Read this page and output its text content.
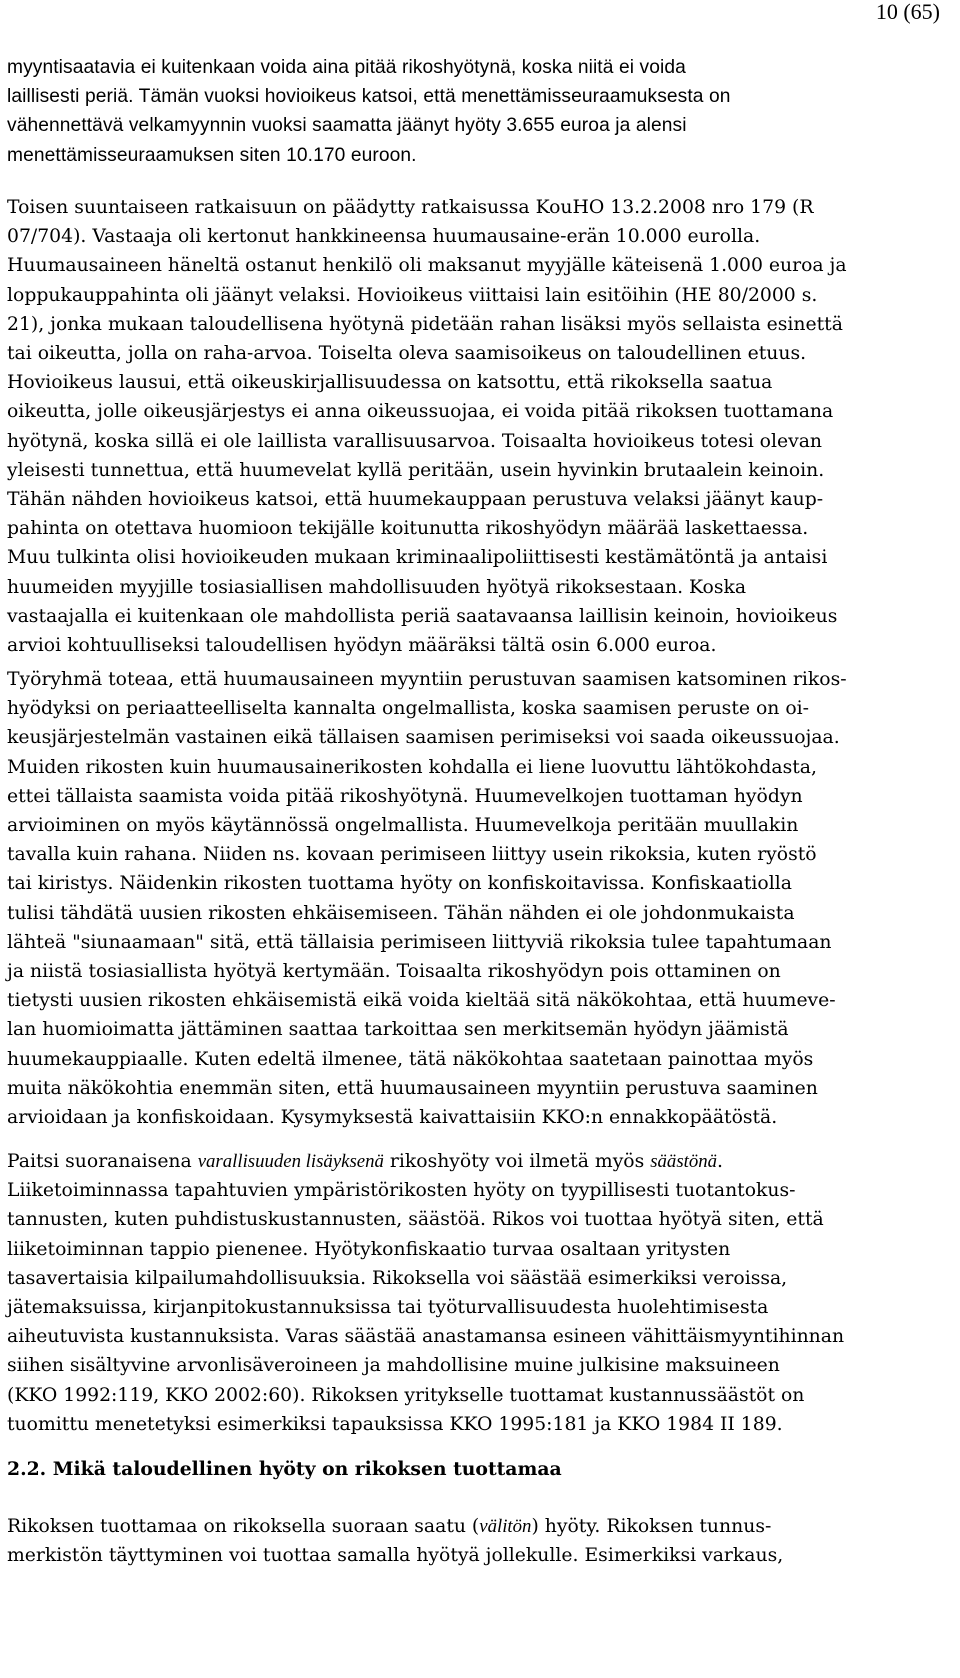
10 (65)
myyntisaatavia ei kuitenkaan voida aina pitää rikoshyötynä, koska niitä ei voida
laillisesti periä. Tämän vuoksi hovioikeus katsoi, että menettämisseuraamuksesta on
vähennettävä velkamyynnin vuoksi saamatta jäänyt hyöty 3.655 euroa ja alensi
menettämisseuraamuksen siten 10.170 euroon.
Toisen suuntaiseen ratkaisuun on päädytty ratkaisussa KouHO 13.2.2008 nro 179 (R
07/704). Vastaaja oli kertonut hankkineensa huumausaine-erän 10.000 eurolla.
Huumausaineen häneltä ostanut henkilö oli maksanut myyjälle käteisenä 1.000 euroa ja
loppukauppahinta oli jäänyt velaksi. Hovioikeus viittaisi lain esitöihin (HE 80/2000 s.
21), jonka mukaan taloudellisena hyötynä pidetään rahan lisäksi myös sellaista esinettä
tai oikeutta, jolla on raha-arvoa. Toiselta oleva saamisoikeus on taloudellinen etuus.
Hovioikeus lausui, että oikeuskirjallisuudessa on katsottu, että rikoksella saatua
oikeutta, jolle oikeusjärjestys ei anna oikeussuojaa, ei voida pitää rikoksen tuottamana
hyötynä, koska sillä ei ole laillista varallisuusarvoa. Toisaalta hovioikeus totesi olevan
yleisesti tunnettua, että huumevelat kyllä peritään, usein hyvinkin brutaalein keinoin.
Tähän nähden hovioikeus katsoi, että huumekauppaan perustuva velaksi jäänyt kaup-
pahinta on otettava huomioon tekijälle koitunutta rikoshyödyn määrää laskettaessa.
Muu tulkinta olisi hovioikeuden mukaan kriminaalipoliittisesti kestämätöntä ja antaisi
huumeiden myyjille tosiasiallisen mahdollisuuden hyötyä rikoksestaan. Koska
vastaajalla ei kuitenkaan ole mahdollista periä saatavaansa laillisin keinoin, hovioikeus
arvioi kohtuulliseksi taloudellisen hyödyn määräksi tältä osin 6.000 euroa.
Työryhmä toteaa, että huumausaineen myyntiin perustuvan saamisen katsominen rikos-
hyödyksi on periaatteelliselta kannalta ongelmallista, koska saamisen peruste on oi-
keusjärjestelmän vastainen eikä tällaisen saamisen perimiseksi voi saada oikeussuojaa.
Muiden rikosten kuin huumausainerikosten kohdalla ei liene luovuttu lähtökohdasta,
ettei tällaista saamista voida pitää rikoshyötynä. Huumevelkojen tuottaman hyödyn
arvioiminen on myös käytännössä ongelmallista. Huumevelkoja peritään muullakin
tavalla kuin rahana. Niiden ns. kovaan perimiseen liittyy usein rikoksia, kuten ryöstö
tai kiristys. Näidenkin rikosten tuottama hyöty on konfiskoitavissa. Konfiskaatiolla
tulisi tähdätä uusien rikosten ehkäisemiseen. Tähän nähden ei ole johdonmukaista
lähteä "siunaamaan" sitä, että tällaisia perimiseen liittyviä rikoksia tulee tapahtumaan
ja niistä tosiasiallista hyötyä kertymään. Toisaalta rikoshyödyn pois ottaminen on
tietysti uusien rikosten ehkäisemistä eikä voida kieltää sitä näkökohtaa, että huumeve-
lan huomioimatta jättäminen saattaa tarkoittaa sen merkitsemän hyödyn jäämistä
huumekauppiaalle. Kuten edeltä ilmenee, tätä näkökohtaa saatetaan painottaa myös
muita näkökohtia enemmän siten, että huumausaineen myyntiin perustuva saaminen
arvioidaan ja konfiskoidaan. Kysymyksestä kaivattaisiin KKO:n ennakkopäätöstä.
Paitsi suoranaisena varallisuuden lisäyksenä rikoshyöty voi ilmetä myös säästönä.
Liiketoiminnassa tapahtuvien ympäristörikosten hyöty on tyypillisesti tuotantokus-
tannusten, kuten puhdistuskustannusten, säästöä. Rikos voi tuottaa hyötyä siten, että
liiketoiminnan tappio pienenee. Hyötykonfiskaatio turvaa osaltaan yritysten
tasavertaisia kilpailumahdollisuuksia. Rikoksella voi säästää esimerkiksi veroissa,
jätemaksuissa, kirjanpitokustannuksissa tai työturvallisuudesta huolehtimisesta
aiheutuvista kustannuksista. Varas säästää anastamansa esineen vähittäismyyntihinnan
siihen sisältyvine arvonlisäveroineen ja mahdollisine muine julkisine maksuineen
(KKO 1992:119, KKO 2002:60). Rikoksen yritykselle tuottamat kustannussäästöt on
tuomittu menetetyksi esimerkiksi tapauksissa KKO 1995:181 ja KKO 1984 II 189.
2.2. Mikä taloudellinen hyöty on rikoksen tuottamaa
Rikoksen tuottamaa on rikoksella suoraan saatu (välitön) hyöty. Rikoksen tunnus-
merkistön täyttyminen voi tuottaa samalla hyötyä jollekulle. Esimerkiksi varkaus,
